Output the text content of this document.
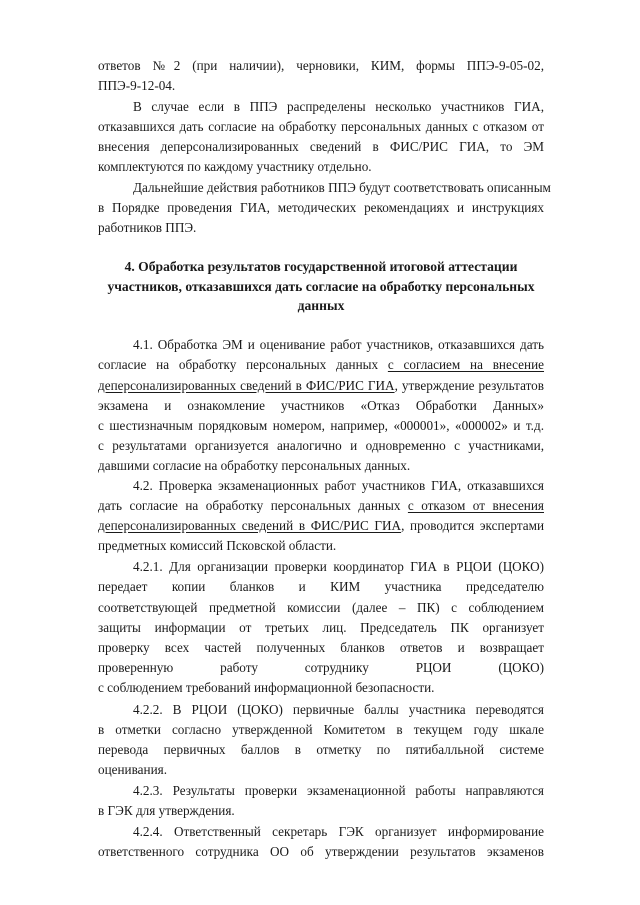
ответов №2 (при наличии), черновики, КИМ, формы ППЭ-9-05-02,
ППЭ-9-12-04.
В случае если в ППЭ распределены несколько участников ГИА,
отказавшихся дать согласие на обработку персональных данных с отказом от
внесения деперсонализированных сведений в ФИС/РИС ГИА, то ЭМ
комплектуются по каждому участнику отдельно.
Дальнейшие действия работников ППЭ будут соответствовать описанным
в Порядке проведения ГИА, методических рекомендациях и инструкциях
работников ППЭ.
4. Обработка результатов государственной итоговой аттестации
участников, отказавшихся дать согласие на обработку персональных
данных
4.1. Обработка ЭМ и оценивание работ участников, отказавшихся дать
согласие на обработку персональных данных с согласием на внесение
деперсонализированных сведений в ФИС/РИС ГИА, утверждение результатов
экзамена и ознакомление участников «Отказ Обработки Данных»
с шестизначным порядковым номером, например, «000001», «000002» и т.д.
с результатами организуется аналогично и одновременно с участниками,
давшими согласие на обработку персональных данных.
4.2. Проверка экзаменационных работ участников ГИА, отказавшихся
дать согласие на обработку персональных данных с отказом от внесения
деперсонализированных сведений в ФИС/РИС ГИА, проводится экспертами
предметных комиссий Псковской области.
4.2.1. Для организации проверки координатор ГИА в РЦОИ (ЦОКО)
передает копии бланков и КИМ участника председателю
соответствующей предметной комиссии (далее – ПК) с соблюдением
защиты информации от третьих лиц. Председатель ПК организует
проверку всех частей полученных бланков ответов и возвращает
проверенную работу сотруднику РЦОИ (ЦОКО)
с соблюдением требований информационной безопасности.
4.2.2. В РЦОИ (ЦОКО) первичные баллы участника переводятся
в отметки согласно утвержденной Комитетом в текущем году шкале
перевода первичных баллов в отметку по пятибалльной системе
оценивания.
4.2.3. Результаты проверки экзаменационной работы направляются
в ГЭК для утверждения.
4.2.4. Ответственный секретарь ГЭК организует информирование
ответственного сотрудника ОО об утверждении результатов экзаменов
